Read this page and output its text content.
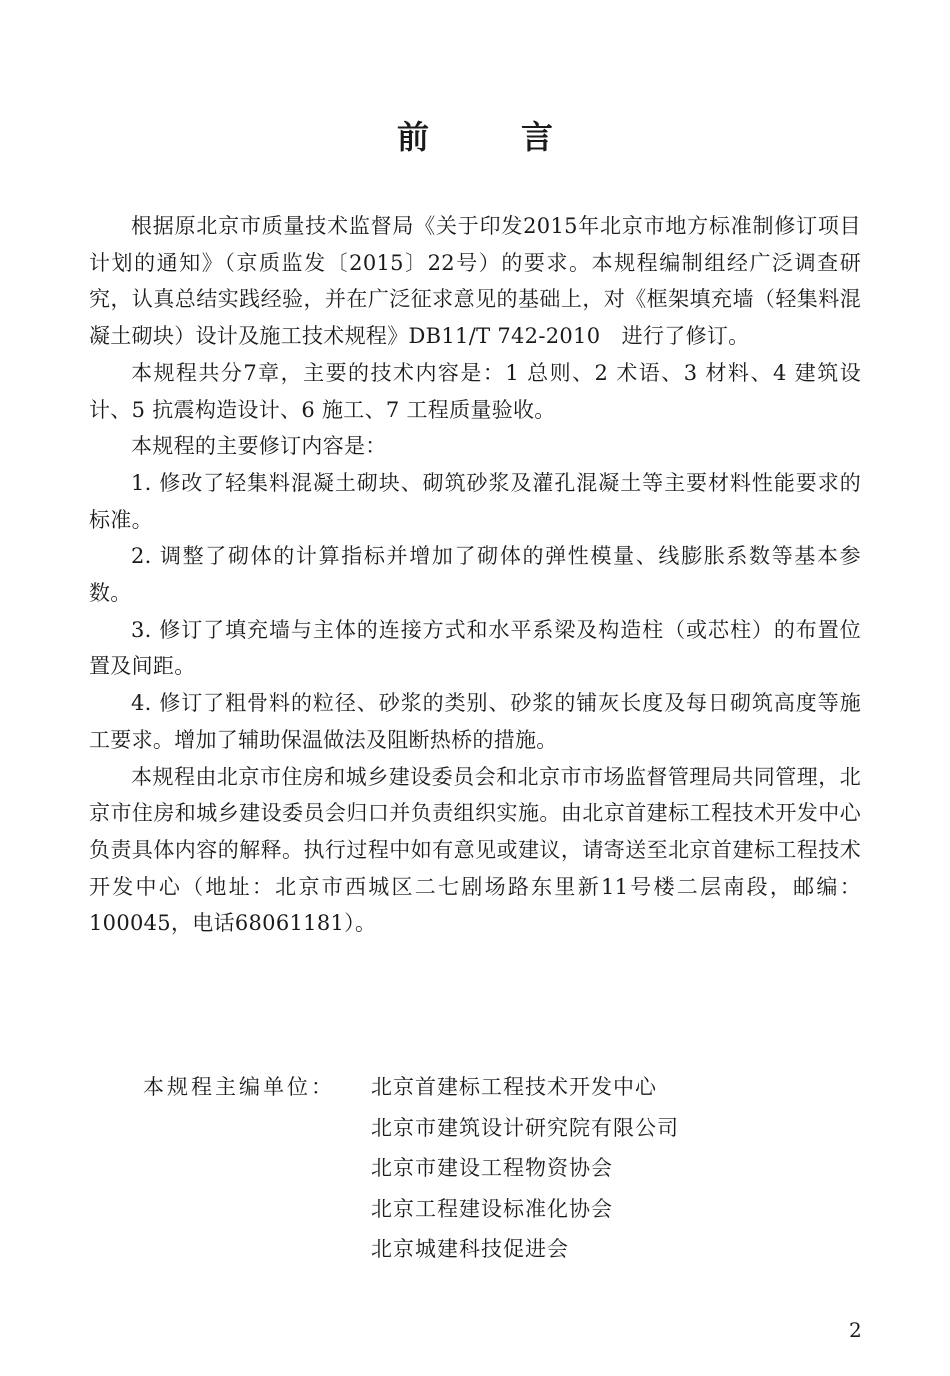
前　言

根据原北京市质量技术监督局《关于印发2015年北京市地方标准制修订项目计划的通知》（京质监发〔2015〕22号）的要求。本规程编制组经广泛调查研究，认真总结实践经验，并在广泛征求意见的基础上，对《框架填充墙（轻集料混凝土砌块）设计及施工技术规程》DB11/T 742-2010　进行了修订。

本规程共分7章，主要的技术内容是：1 总则、2 术语、3 材料、4 建筑设计、5 抗震构造设计、6 施工、7 工程质量验收。

本规程的主要修订内容是：

1. 修改了轻集料混凝土砌块、砌筑砂浆及灌孔混凝土等主要材料性能要求的标准。

2. 调整了砌体的计算指标并增加了砌体的弹性模量、线膨胀系数等基本参数。

3. 修订了填充墙与主体的连接方式和水平系梁及构造柱（或芯柱）的布置位置及间距。

4. 修订了粗骨料的粒径、砂浆的类别、砂浆的铺灰长度及每日砌筑高度等施工要求。增加了辅助保温做法及阻断热桥的措施。

本规程由北京市住房和城乡建设委员会和北京市市场监督管理局共同管理，北京市住房和城乡建设委员会归口并负责组织实施。由北京首建标工程技术开发中心负责具体内容的解释。执行过程中如有意见或建议，请寄送至北京首建标工程技术开发中心（地址：北京市西城区二七剧场路东里新11号楼二层南段，邮编：100045，电话68061181）。

本规程主编单位： 北京首建标工程技术开发中心
北京市建筑设计研究院有限公司
北京市建设工程物资协会
北京工程建设标准化协会
北京城建科技促进会
2
